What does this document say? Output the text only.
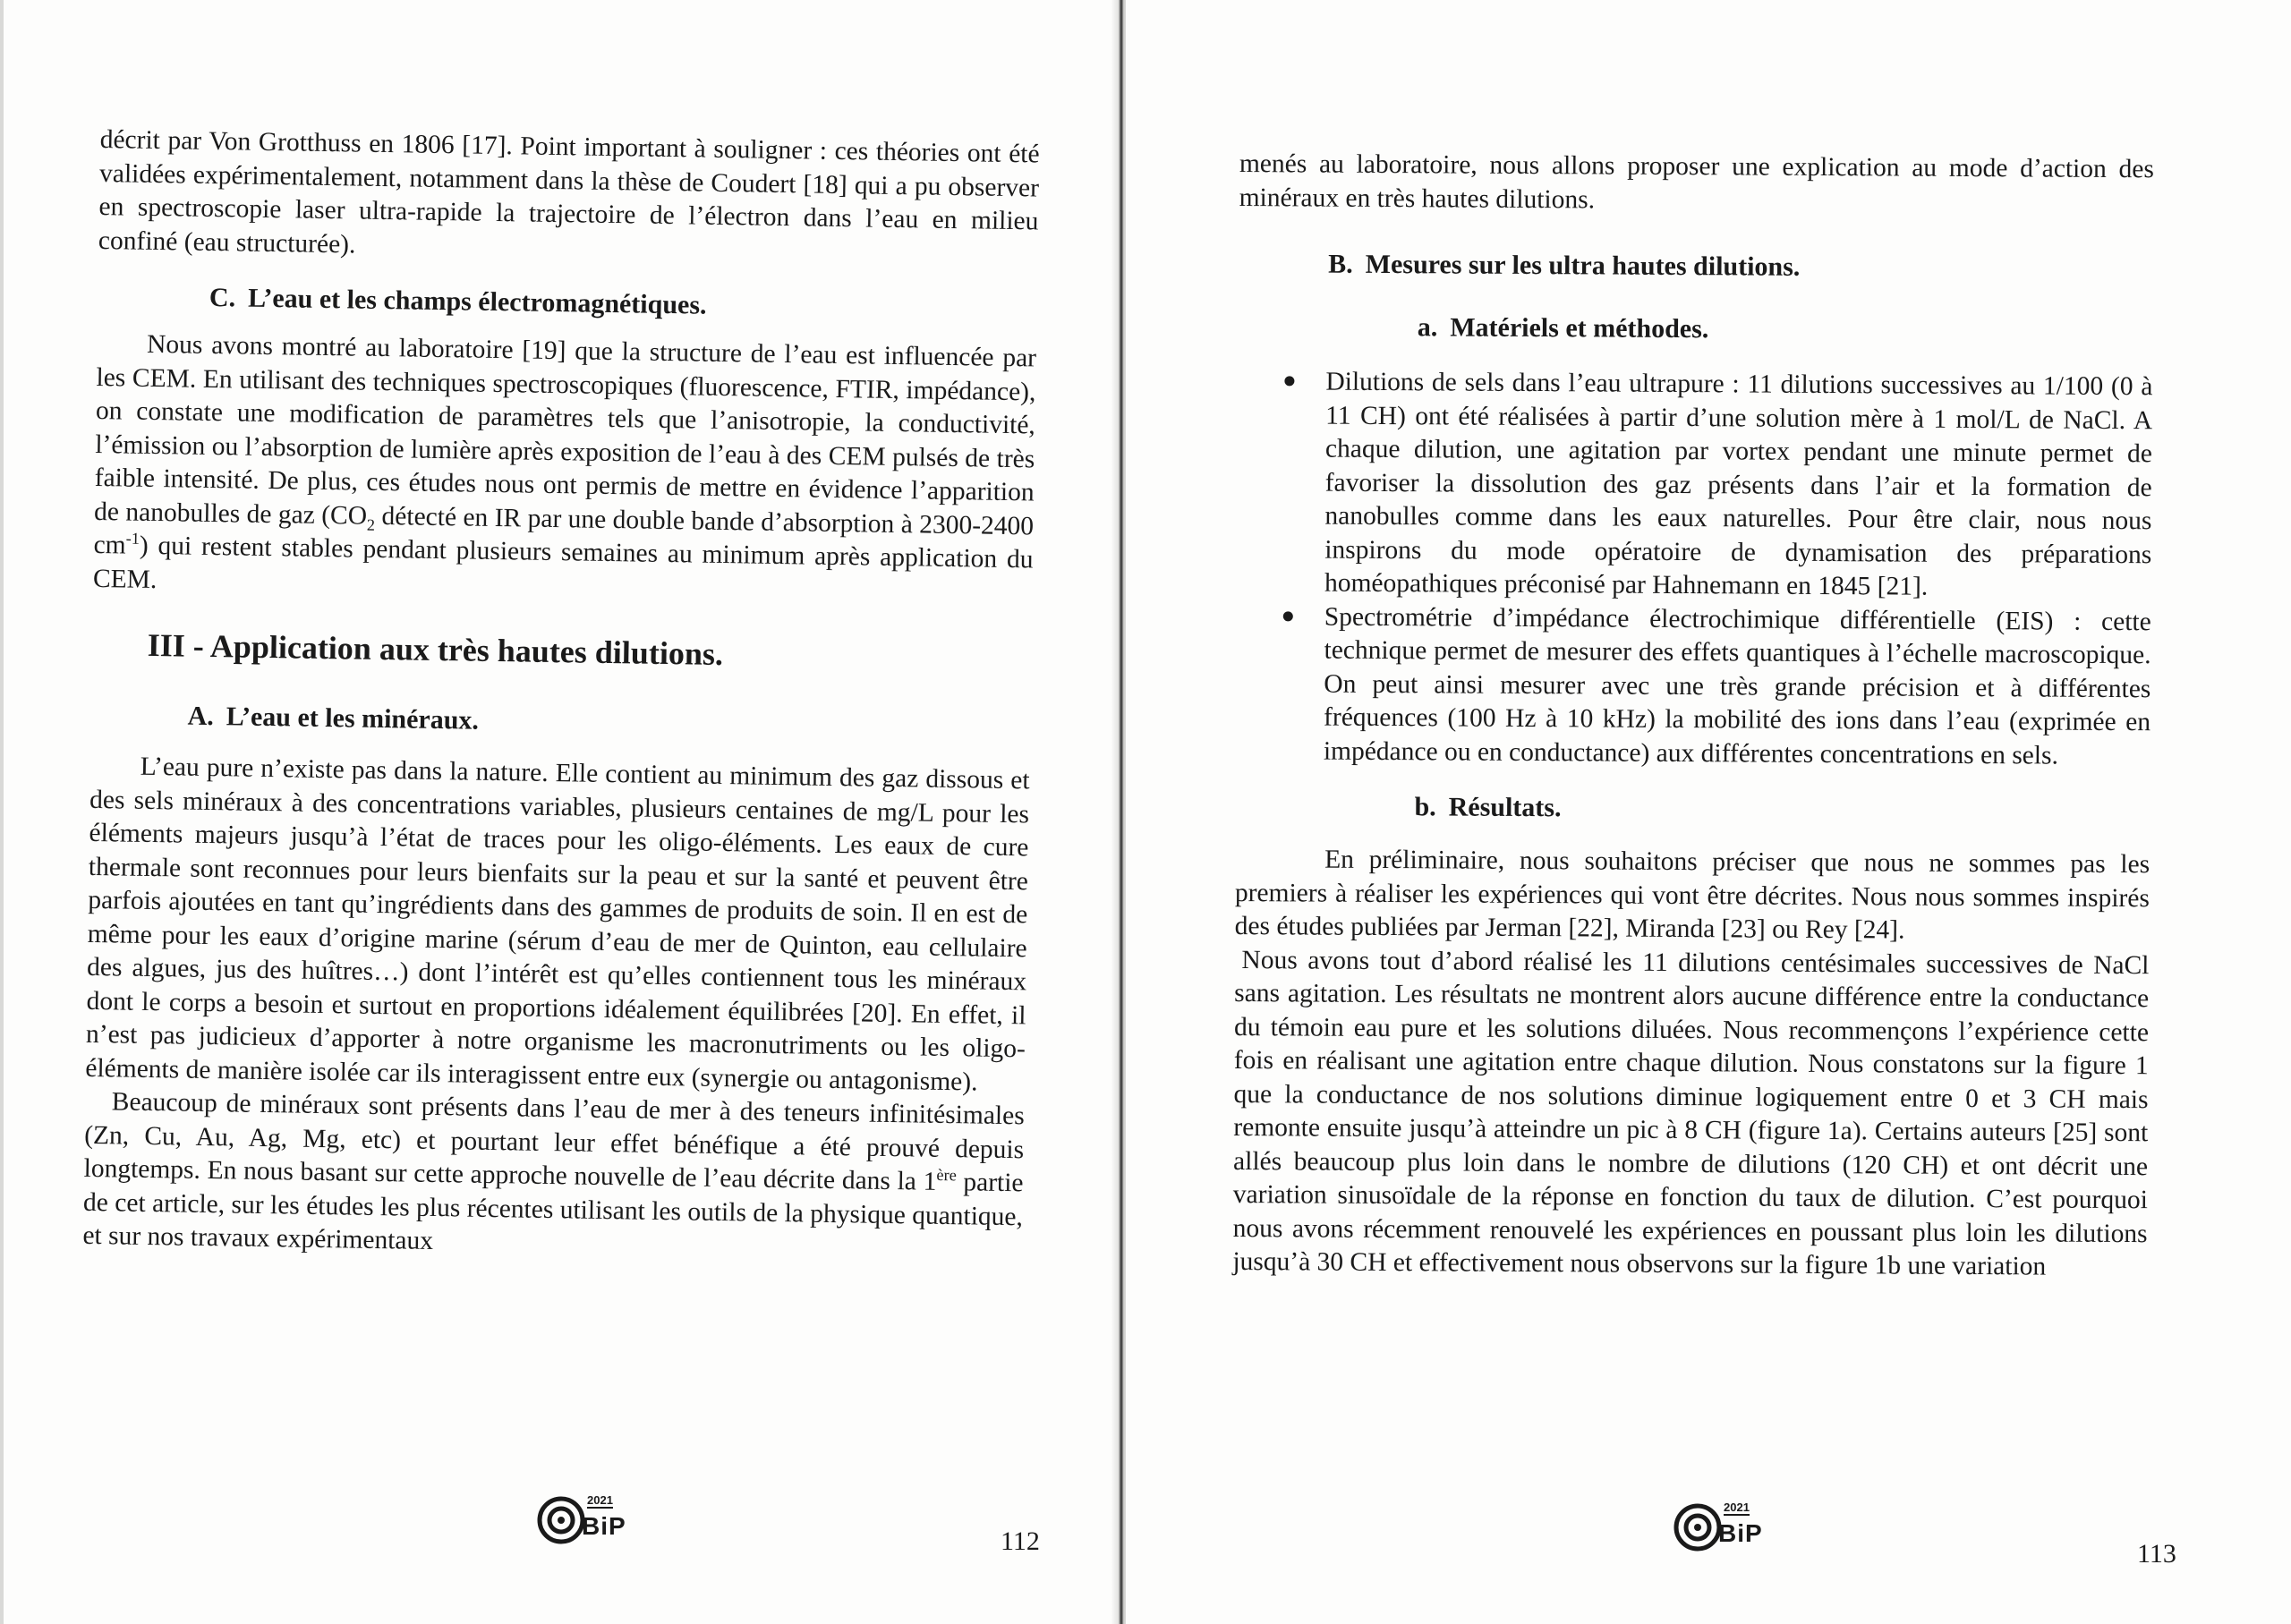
décrit par Von Grotthuss en 1806 [17]. Point important à souligner : ces théories ont été validées expérimentalement, notamment dans la thèse de Coudert [18] qui a pu observer en spectroscopie laser ultra-rapide la trajectoire de l’électron dans l’eau en milieu confiné (eau structurée).

C. L’eau et les champs électromagnétiques.

Nous avons montré au laboratoire [19] que la structure de l’eau est influencée par les CEM. En utilisant des techniques spectroscopiques (fluorescence, FTIR, impédance), on constate une modification de paramètres tels que l’anisotropie, la conductivité, l’émission ou l’absorption de lumière après exposition de l’eau à des CEM pulsés de très faible intensité. De plus, ces études nous ont permis de mettre en évidence l’apparition de nanobulles de gaz ($CO_2$ détecté en IR par une double bande d’absorption à 2300-2400 $cm^{-1}$) qui restent stables pendant plusieurs semaines au minimum après application du CEM.

III - Application aux très hautes dilutions.
A. L’eau et les minéraux.

L’eau pure n’existe pas dans la nature. Elle contient au minimum des gaz dissous et des sels minéraux à des concentrations variables, plusieurs centaines de mg/L pour les éléments majeurs jusqu’à l’état de traces pour les oligo-éléments. Les eaux de cure thermale sont reconnues pour leurs bienfaits sur la peau et sur la santé et peuvent être parfois ajoutées en tant qu’ingrédients dans des gammes de produits de soin. Il en est de même pour les eaux d’origine marine (sérum d’eau de mer de Quinton, eau cellulaire des algues, jus des huîtres…) dont l’intérêt est qu’elles contiennent tous les minéraux dont le corps a besoin et surtout en proportions idéalement équilibrées [20]. En effet, il n’est pas judicieux d’apporter à notre organisme les macronutriments ou les oligo-éléments de manière isolée car ils interagissent entre eux (synergie ou antagonisme).

Beaucoup de minéraux sont présents dans l’eau de mer à des teneurs infinitésimales (Zn, Cu, Au, Ag, Mg, etc) et pourtant leur effet bénéfique a été prouvé depuis longtemps. En nous basant sur cette approche nouvelle de l’eau décrite dans la 1ère partie de cet article, sur les études les plus récentes utilisant les outils de la physique quantique, et sur nos travaux expérimentaux

2021
BiP
112

menés au laboratoire, nous allons proposer une explication au mode d’action des minéraux en très hautes dilutions.

B. Mesures sur les ultra hautes dilutions.
a. Matériels et méthodes.
Dilutions de sels dans l’eau ultrapure : 11 dilutions successives au 1/100 (0 à 11 CH) ont été réalisées à partir d’une solution mère à 1 mol/L de NaCl. A chaque dilution, une agitation par vortex pendant une minute permet de favoriser la dissolution des gaz présents dans l’air et la formation de nanobulles comme dans les eaux naturelles. Pour être clair, nous nous inspirons du mode opératoire de dynamisation des préparations homéopathiques préconisé par Hahnemann en 1845 [21].
Spectrométrie d’impédance électrochimique différentielle (EIS) : cette technique permet de mesurer des effets quantiques à l’échelle macroscopique. On peut ainsi mesurer avec une très grande précision et à différentes fréquences (100 Hz à 10 kHz) la mobilité des ions dans l’eau (exprimée en impédance ou en conductance) aux différentes concentrations en sels.
b. Résultats.

En préliminaire, nous souhaitons préciser que nous ne sommes pas les premiers à réaliser les expériences qui vont être décrites. Nous nous sommes inspirés des études publiées par Jerman [22], Miranda [23] ou Rey [24].

Nous avons tout d’abord réalisé les 11 dilutions centésimales successives de NaCl sans agitation. Les résultats ne montrent alors aucune différence entre la conductance du témoin eau pure et les solutions diluées. Nous recommençons l’expérience cette fois en réalisant une agitation entre chaque dilution. Nous constatons sur la figure 1 que la conductance de nos solutions diminue logiquement entre 0 et 3 CH mais remonte ensuite jusqu’à atteindre un pic à 8 CH (figure 1a). Certains auteurs [25] sont allés beaucoup plus loin dans le nombre de dilutions (120 CH) et ont décrit une variation sinusoïdale de la réponse en fonction du taux de dilution. C’est pourquoi nous avons récemment renouvelé les expériences en poussant plus loin les dilutions jusqu’à 30 CH et effectivement nous observons sur la figure 1b une variation

2021
BiP
113
